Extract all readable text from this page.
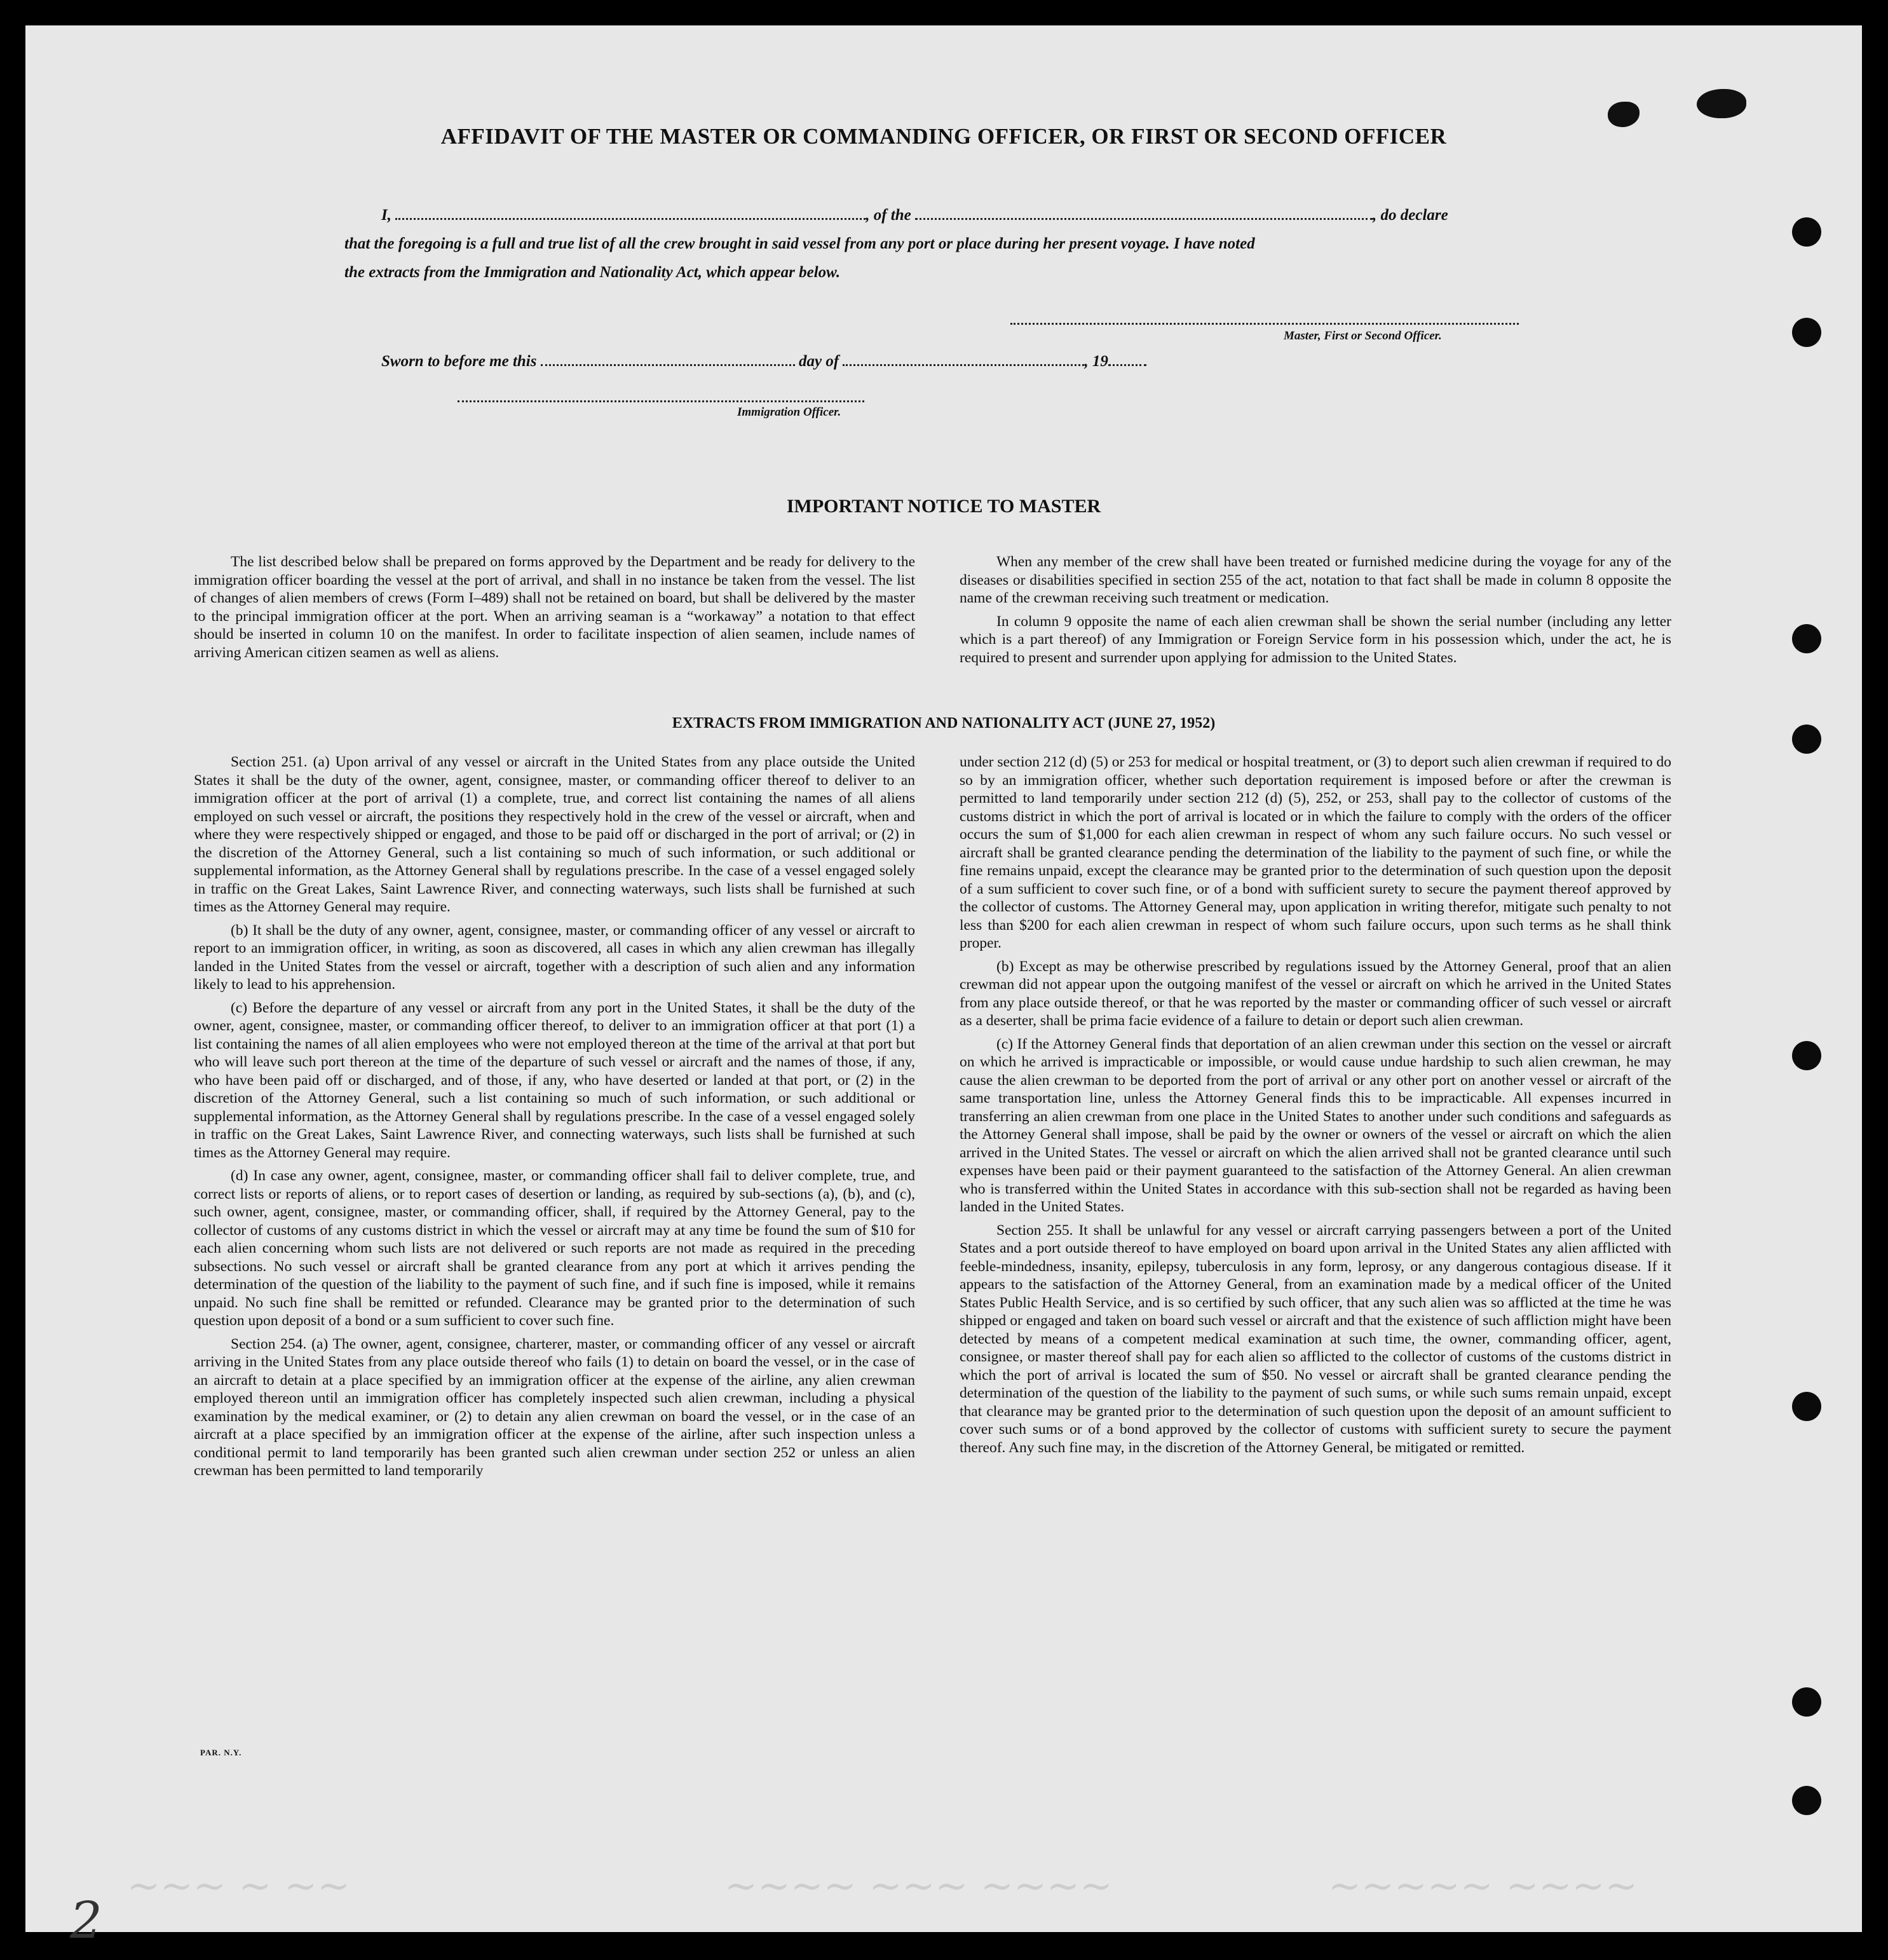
AFFIDAVIT OF THE MASTER OR COMMANDING OFFICER, OR FIRST OR SECOND OFFICER
I,	, of the	, do declare
that the foregoing is a full and true list of all the crew brought in said vessel from any port or place during her present voyage. I have noted
the extracts from the Immigration and Nationality Act, which appear below.
Master, First or Second Officer.
Sworn to before me this	day of	, 19
Immigration Officer.
IMPORTANT NOTICE TO MASTER

The list described below shall be prepared on forms approved by the Department and be ready for delivery to the immigration officer boarding the vessel at the port of arrival, and shall in no instance be taken from the vessel. The list of changes of alien members of crews (Form I–489) shall not be retained on board, but shall be delivered by the master to the principal immigration officer at the port. When an arriving seaman is a “workaway” a notation to that effect should be inserted in column 10 on the manifest. In order to facilitate inspection of alien seamen, include names of arriving American citizen seamen as well as aliens.

When any member of the crew shall have been treated or furnished medicine during the voyage for any of the diseases or disabilities specified in section 255 of the act, notation to that fact shall be made in column 8 opposite the name of the crewman receiving such treatment or medication.

In column 9 opposite the name of each alien crewman shall be shown the serial number (including any letter which is a part thereof) of any Immigration or Foreign Service form in his possession which, under the act, he is required to present and surrender upon applying for admission to the United States.

EXTRACTS FROM IMMIGRATION AND NATIONALITY ACT (JUNE 27, 1952)

Section 251. (a) Upon arrival of any vessel or aircraft in the United States from any place outside the United States it shall be the duty of the owner, agent, consignee, master, or commanding officer thereof to deliver to an immigration officer at the port of arrival (1) a complete, true, and correct list containing the names of all aliens employed on such vessel or aircraft, the positions they respectively hold in the crew of the vessel or aircraft, when and where they were respectively shipped or engaged, and those to be paid off or discharged in the port of arrival; or (2) in the discretion of the Attorney General, such a list containing so much of such information, or such additional or supplemental information, as the Attorney General shall by regulations prescribe. In the case of a vessel engaged solely in traffic on the Great Lakes, Saint Lawrence River, and connecting waterways, such lists shall be furnished at such times as the Attorney General may require.

(b) It shall be the duty of any owner, agent, consignee, master, or commanding officer of any vessel or aircraft to report to an immigration officer, in writing, as soon as discovered, all cases in which any alien crewman has illegally landed in the United States from the vessel or aircraft, together with a description of such alien and any information likely to lead to his apprehension.

(c) Before the departure of any vessel or aircraft from any port in the United States, it shall be the duty of the owner, agent, consignee, master, or commanding officer thereof, to deliver to an immigration officer at that port (1) a list containing the names of all alien employees who were not employed thereon at the time of the arrival at that port but who will leave such port thereon at the time of the departure of such vessel or aircraft and the names of those, if any, who have been paid off or discharged, and of those, if any, who have deserted or landed at that port, or (2) in the discretion of the Attorney General, such a list containing so much of such information, or such additional or supplemental information, as the Attorney General shall by regulations prescribe. In the case of a vessel engaged solely in traffic on the Great Lakes, Saint Lawrence River, and connecting waterways, such lists shall be furnished at such times as the Attorney General may require.

(d) In case any owner, agent, consignee, master, or commanding officer shall fail to deliver complete, true, and correct lists or reports of aliens, or to report cases of desertion or landing, as required by sub-sections (a), (b), and (c), such owner, agent, consignee, master, or commanding officer, shall, if required by the Attorney General, pay to the collector of customs of any customs district in which the vessel or aircraft may at any time be found the sum of $10 for each alien concerning whom such lists are not delivered or such reports are not made as required in the preceding subsections. No such vessel or aircraft shall be granted clearance from any port at which it arrives pending the determination of the question of the liability to the payment of such fine, and if such fine is imposed, while it remains unpaid. No such fine shall be remitted or refunded. Clearance may be granted prior to the determination of such question upon deposit of a bond or a sum sufficient to cover such fine.

Section 254. (a) The owner, agent, consignee, charterer, master, or commanding officer of any vessel or aircraft arriving in the United States from any place outside thereof who fails (1) to detain on board the vessel, or in the case of an aircraft to detain at a place specified by an immigration officer at the expense of the airline, any alien crewman employed thereon until an immigration officer has completely inspected such alien crewman, including a physical examination by the medical examiner, or (2) to detain any alien crewman on board the vessel, or in the case of an aircraft at a place specified by an immigration officer at the expense of the airline, after such inspection unless a conditional permit to land temporarily has been granted such alien crewman under section 252 or unless an alien crewman has been permitted to land temporarily

under section 212 (d) (5) or 253 for medical or hospital treatment, or (3) to deport such alien crewman if required to do so by an immigration officer, whether such deportation requirement is imposed before or after the crewman is permitted to land temporarily under section 212 (d) (5), 252, or 253, shall pay to the collector of customs of the customs district in which the port of arrival is located or in which the failure to comply with the orders of the officer occurs the sum of $1,000 for each alien crewman in respect of whom any such failure occurs. No such vessel or aircraft shall be granted clearance pending the determination of the liability to the payment of such fine, or while the fine remains unpaid, except the clearance may be granted prior to the determination of such question upon the deposit of a sum sufficient to cover such fine, or of a bond with sufficient surety to secure the payment thereof approved by the collector of customs. The Attorney General may, upon application in writing therefor, mitigate such penalty to not less than $200 for each alien crewman in respect of whom such failure occurs, upon such terms as he shall think proper.

(b) Except as may be otherwise prescribed by regulations issued by the Attorney General, proof that an alien crewman did not appear upon the outgoing manifest of the vessel or aircraft on which he arrived in the United States from any place outside thereof, or that he was reported by the master or commanding officer of such vessel or aircraft as a deserter, shall be prima facie evidence of a failure to detain or deport such alien crewman.

(c) If the Attorney General finds that deportation of an alien crewman under this section on the vessel or aircraft on which he arrived is impracticable or impossible, or would cause undue hardship to such alien crewman, he may cause the alien crewman to be deported from the port of arrival or any other port on another vessel or aircraft of the same transportation line, unless the Attorney General finds this to be impracticable. All expenses incurred in transferring an alien crewman from one place in the United States to another under such conditions and safeguards as the Attorney General shall impose, shall be paid by the owner or owners of the vessel or aircraft on which the alien arrived in the United States. The vessel or aircraft on which the alien arrived shall not be granted clearance until such expenses have been paid or their payment guaranteed to the satisfaction of the Attorney General. An alien crewman who is transferred within the United States in accordance with this sub-section shall not be regarded as having been landed in the United States.

Section 255. It shall be unlawful for any vessel or aircraft carrying passengers between a port of the United States and a port outside thereof to have employed on board upon arrival in the United States any alien afflicted with feeble-mindedness, insanity, epilepsy, tuberculosis in any form, leprosy, or any dangerous contagious disease. If it appears to the satisfaction of the Attorney General, from an examination made by a medical officer of the United States Public Health Service, and is so certified by such officer, that any such alien was so afflicted at the time he was shipped or engaged and taken on board such vessel or aircraft and that the existence of such affliction might have been detected by means of a competent medical examination at such time, the owner, commanding officer, agent, consignee, or master thereof shall pay for each alien so afflicted to the collector of customs of the customs district in which the port of arrival is located the sum of $50. No vessel or aircraft shall be granted clearance pending the determination of the question of the liability to the payment of such sums, or while such sums remain unpaid, except that clearance may be granted prior to the determination of such question upon the deposit of an amount sufficient to cover such sums or of a bond approved by the collector of customs with sufficient surety to secure the payment thereof. Any such fine may, in the discretion of the Attorney General, be mitigated or remitted.

PAR. N.Y.
~~~ ~ ~~	~~~~ ~~~ ~~~~	~~~~~ ~~~~
2
